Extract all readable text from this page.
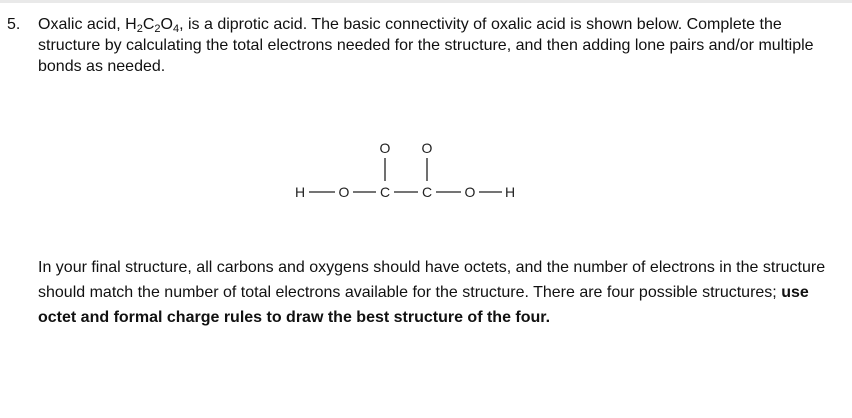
5. Oxalic acid, $H_2C_2O_4$, is a diprotic acid. The basic connectivity of oxalic acid is shown below. Complete the structure by calculating the total electrons needed for the structure, and then adding lone pairs and/or multiple bonds as needed.
H O C C O H
O O
In your final structure, all carbons and oxygens should have octets, and the number of electrons in the structure should match the number of total electrons available for the structure. There are four possible structures; use octet and formal charge rules to draw the best structure of the four.
